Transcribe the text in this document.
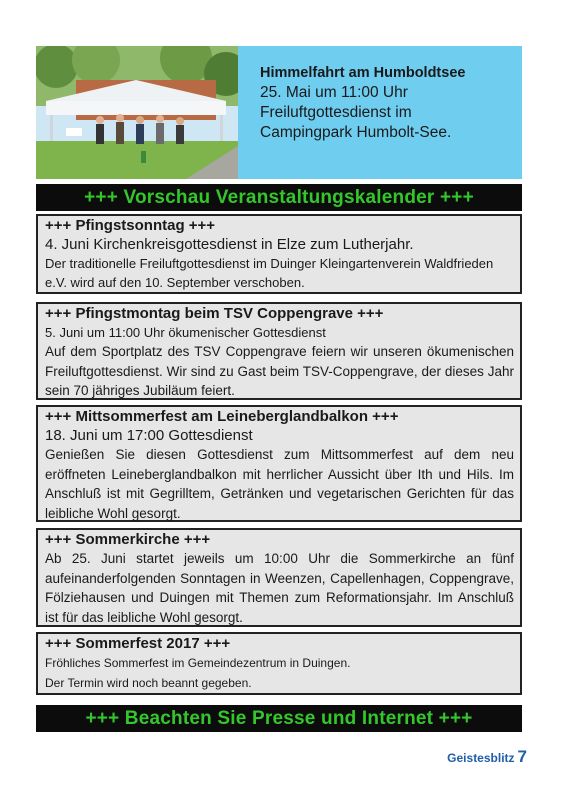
Himmelfahrt am Humboldtsee
25. Mai um 11:00 Uhr
Freiluftgottesdienst im
Campingpark Humbolt-See.
+++ Vorschau Veranstaltungskalender +++
+++ Pfingstsonntag +++
4. Juni Kirchenkreisgottesdienst in Elze zum Lutherjahr.
Der traditionelle Freiluftgottesdienst im Duinger Kleingartenverein Waldfrieden e.V. wird auf den 10. September verschoben.
+++ Pfingstmontag beim TSV Coppengrave +++
5. Juni um 11:00 Uhr ökumenischer Gottesdienst
Auf dem Sportplatz des TSV Coppengrave feiern wir unseren ökumenischen Freiluftgottesdienst. Wir sind zu Gast beim TSV-Coppengrave, der dieses Jahr sein 70 jähriges Jubiläum feiert.
+++ Mittsommerfest am Leineberglandbalkon +++
18. Juni um 17:00 Gottesdienst
Genießen Sie diesen Gottesdienst zum Mittsommerfest auf dem neu eröffneten Leineberglandbalkon mit herrlicher Aussicht über Ith und Hils. Im Anschluß ist mit Gegrilltem, Getränken und vegetarischen Gerichten für das leibliche Wohl gesorgt.
+++ Sommerkirche +++
Ab 25. Juni startet jeweils um 10:00 Uhr die Sommerkirche an fünf aufeinanderfolgenden Sonntagen in Weenzen, Capellenhagen, Coppengrave, Fölziehausen und Duingen mit Themen zum Reformationsjahr. Im Anschluß ist für das leibliche Wohl gesorgt.
+++ Sommerfest 2017 +++
Fröhliches Sommerfest im Gemeindezentrum in Duingen.
Der Termin wird noch beannt gegeben.
+++ Beachten Sie Presse und Internet +++
Geistesblitz 7
